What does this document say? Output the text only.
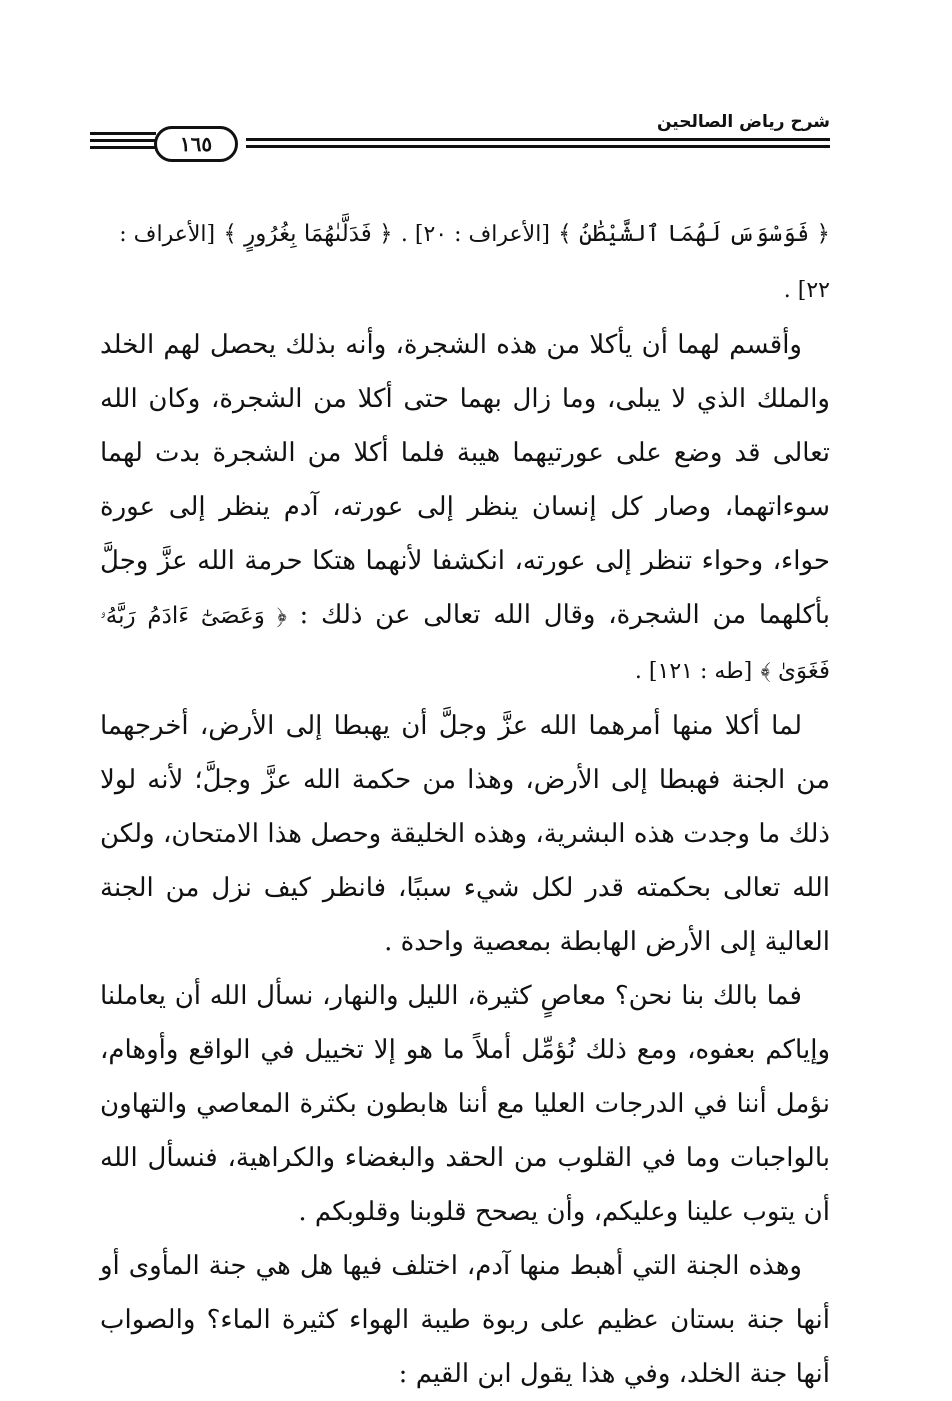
شرح رياض الصالحين
١٦٥

﴿ فَوَسْوَسَ لَهُمَا ٱلشَّيْطَٰنُ ﴾ [الأعراف : ٢٠] . ﴿ فَدَلَّىٰهُمَا بِغُرُورٍ ﴾ [الأعراف : ٢٢] .

وأقسم لهما أن يأكلا من هذه الشجرة، وأنه بذلك يحصل لهم الخلد والملك الذي لا يبلى، وما زال بهما حتى أكلا من الشجرة، وكان الله تعالى قد وضع على عورتيهما هيبة فلما أكلا من الشجرة بدت لهما سوءاتهما، وصار كل إنسان ينظر إلى عورته، آدم ينظر إلى عورة حواء، وحواء تنظر إلى عورته، انكشفا لأنهما هتكا حرمة الله عزَّ وجلَّ بأكلهما من الشجرة، وقال الله تعالى عن ذلك : ﴿ وَعَصَىٰٓ ءَادَمُ رَبَّهُۥ فَغَوَىٰ ﴾ [طه : ١٢١] .

لما أكلا منها أمرهما الله عزَّ وجلَّ أن يهبطا إلى الأرض، أخرجهما من الجنة فهبطا إلى الأرض، وهذا من حكمة الله عزَّ وجلَّ؛ لأنه لولا ذلك ما وجدت هذه البشرية، وهذه الخليقة وحصل هذا الامتحان، ولكن الله تعالى بحكمته قدر لكل شيء سببًا، فانظر كيف نزل من الجنة العالية إلى الأرض الهابطة بمعصية واحدة .

فما بالك بنا نحن؟ معاصٍ كثيرة، الليل والنهار، نسأل الله أن يعاملنا وإياكم بعفوه، ومع ذلك نُؤمِّل أملاً ما هو إلا تخييل في الواقع وأوهام، نؤمل أننا في الدرجات العليا مع أننا هابطون بكثرة المعاصي والتهاون بالواجبات وما في القلوب من الحقد والبغضاء والكراهية، فنسأل الله أن يتوب علينا وعليكم، وأن يصحح قلوبنا وقلوبكم .

وهذه الجنة التي أهبط منها آدم، اختلف فيها هل هي جنة المأوى أو أنها جنة بستان عظيم على ربوة طيبة الهواء كثيرة الماء؟ والصواب أنها جنة الخلد، وفي هذا يقول ابن القيم :
